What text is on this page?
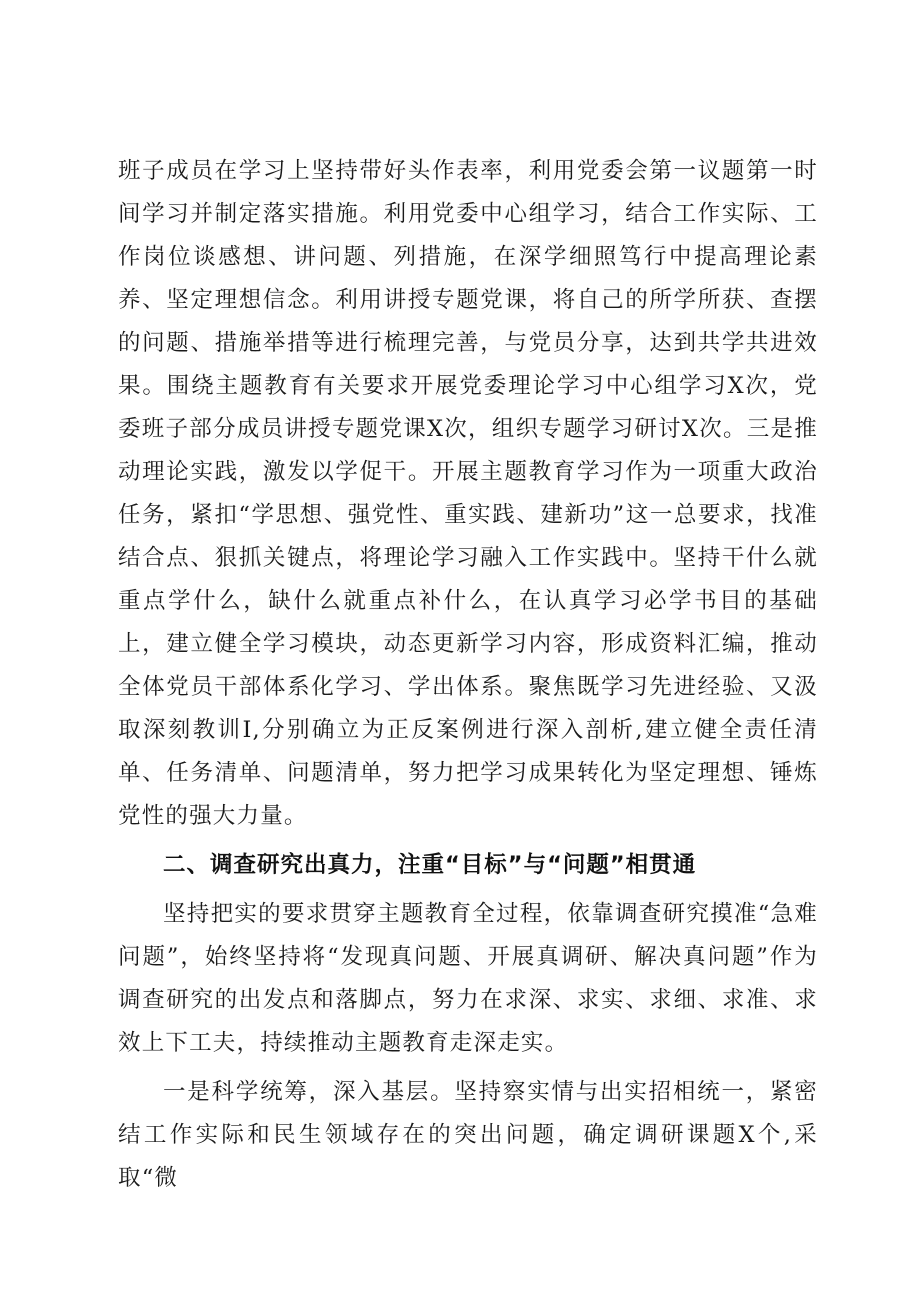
班子成员在学习上坚持带好头作表率，利用党委会第一议题第一时间学习并制定落实措施。利用党委中心组学习，结合工作实际、工作岗位谈感想、讲问题、列措施，在深学细照笃行中提高理论素养、坚定理想信念。利用讲授专题党课，将自己的所学所获、查摆的问题、措施举措等进行梳理完善，与党员分享，达到共学共进效果。围绕主题教育有关要求开展党委理论学习中心组学习X次，党委班子部分成员讲授专题党课X次，组织专题学习研讨X次。三是推动理论实践，激发以学促干。开展主题教育学习作为一项重大政治任务，紧扣“学思想、强党性、重实践、建新功”这一总要求，找准结合点、狠抓关键点，将理论学习融入工作实践中。坚持干什么就重点学什么，缺什么就重点补什么，在认真学习必学书目的基础上，建立健全学习模块，动态更新学习内容，形成资料汇编，推动全体党员干部体系化学习、学出体系。聚焦既学习先进经验、又汲取深刻教训I,分别确立为正反案例进行深入剖析,建立健全责任清单、任务清单、问题清单，努力把学习成果转化为坚定理想、锤炼党性的强大力量。

二、调查研究出真力，注重“目标”与“问题”相贯通

坚持把实的要求贯穿主题教育全过程，依靠调查研究摸准“急难问题”，始终坚持将“发现真问题、开展真调研、解决真问题”作为调查研究的出发点和落脚点，努力在求深、求实、求细、求准、求效上下工夫，持续推动主题教育走深走实。

一是科学统筹，深入基层。坚持察实情与出实招相统一，紧密结工作实际和民生领域存在的突出问题，确定调研课题X个,采取“微
